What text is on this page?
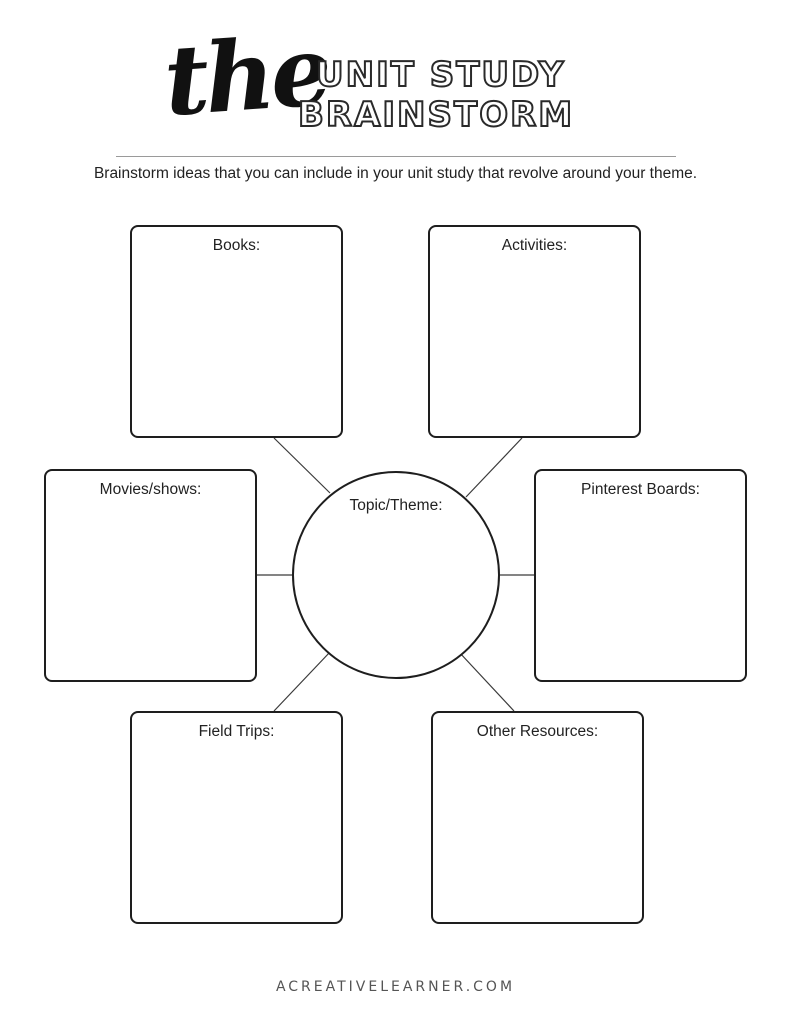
the
UNIT STUDY
BRAINSTORM
Brainstorm ideas that you can include in your unit study that revolve around your theme.
Books:	Activities:
Movies/shows:	Pinterest Boards:
Field Trips:	Other Resources:
Topic/Theme:
ACREATIVELEARNER.COM
